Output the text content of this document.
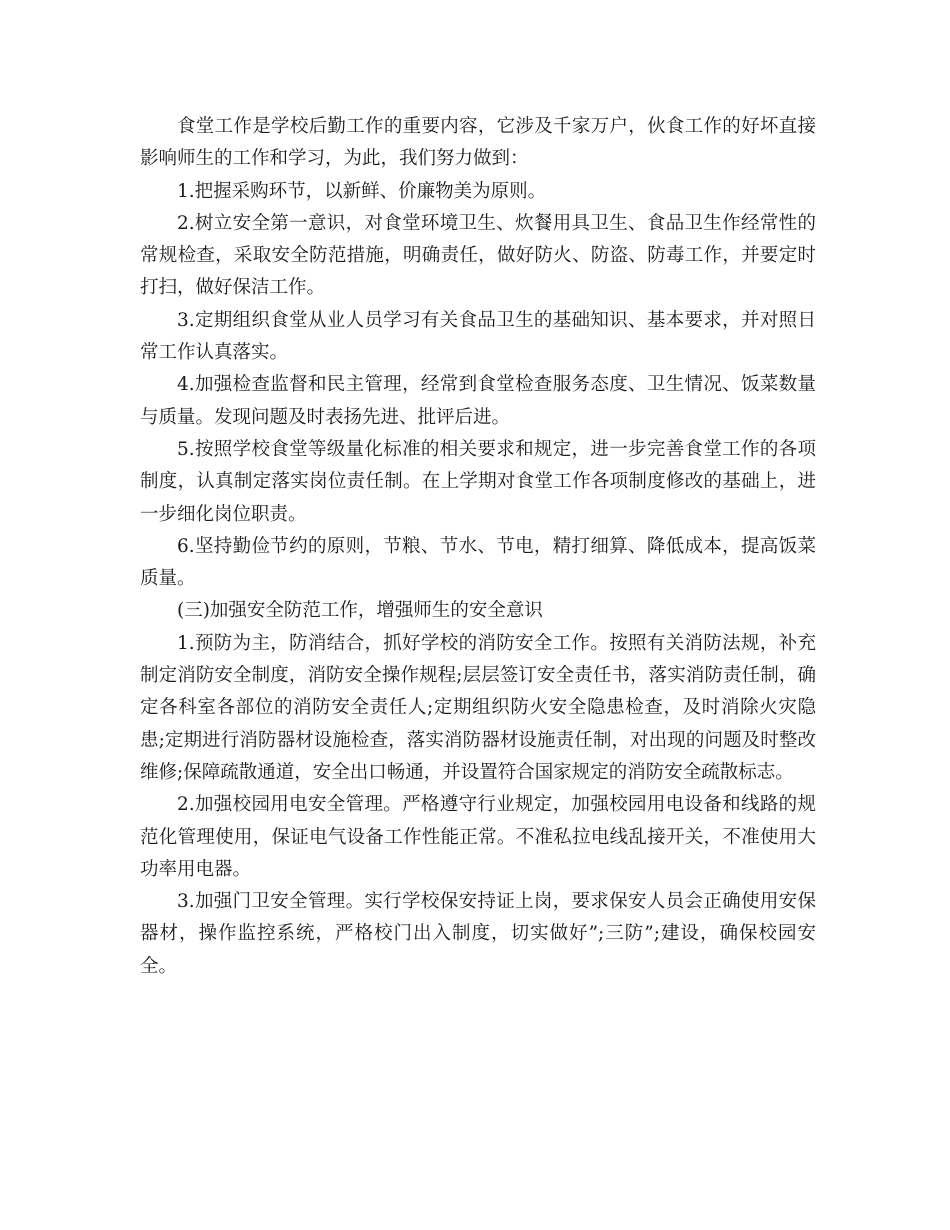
食堂工作是学校后勤工作的重要内容，它涉及千家万户，伙食工作的好坏直接影响师生的工作和学习，为此，我们努力做到：

1.把握采购环节，以新鲜、价廉物美为原则。

2.树立安全第一意识，对食堂环境卫生、炊餐用具卫生、食品卫生作经常性的常规检查，采取安全防范措施，明确责任，做好防火、防盗、防毒工作，并要定时打扫，做好保洁工作。

3.定期组织食堂从业人员学习有关食品卫生的基础知识、基本要求，并对照日常工作认真落实。

4.加强检查监督和民主管理，经常到食堂检查服务态度、卫生情况、饭菜数量与质量。发现问题及时表扬先进、批评后进。

5.按照学校食堂等级量化标准的相关要求和规定，进一步完善食堂工作的各项制度，认真制定落实岗位责任制。在上学期对食堂工作各项制度修改的基础上，进一步细化岗位职责。

6.坚持勤俭节约的原则，节粮、节水、节电，精打细算、降低成本，提高饭菜质量。

(三)加强安全防范工作，增强师生的安全意识

1.预防为主，防消结合，抓好学校的消防安全工作。按照有关消防法规，补充制定消防安全制度，消防安全操作规程;层层签订安全责任书，落实消防责任制，确定各科室各部位的消防安全责任人;定期组织防火安全隐患检查，及时消除火灾隐患;定期进行消防器材设施检查，落实消防器材设施责任制，对出现的问题及时整改维修;保障疏散通道，安全出口畅通，并设置符合国家规定的消防安全疏散标志。

2.加强校园用电安全管理。严格遵守行业规定，加强校园用电设备和线路的规范化管理使用，保证电气设备工作性能正常。不准私拉电线乱接开关，不准使用大功率用电器。

3.加强门卫安全管理。实行学校保安持证上岗，要求保安人员会正确使用安保器材，操作监控系统，严格校门出入制度，切实做好”;三防”;建设，确保校园安全。
